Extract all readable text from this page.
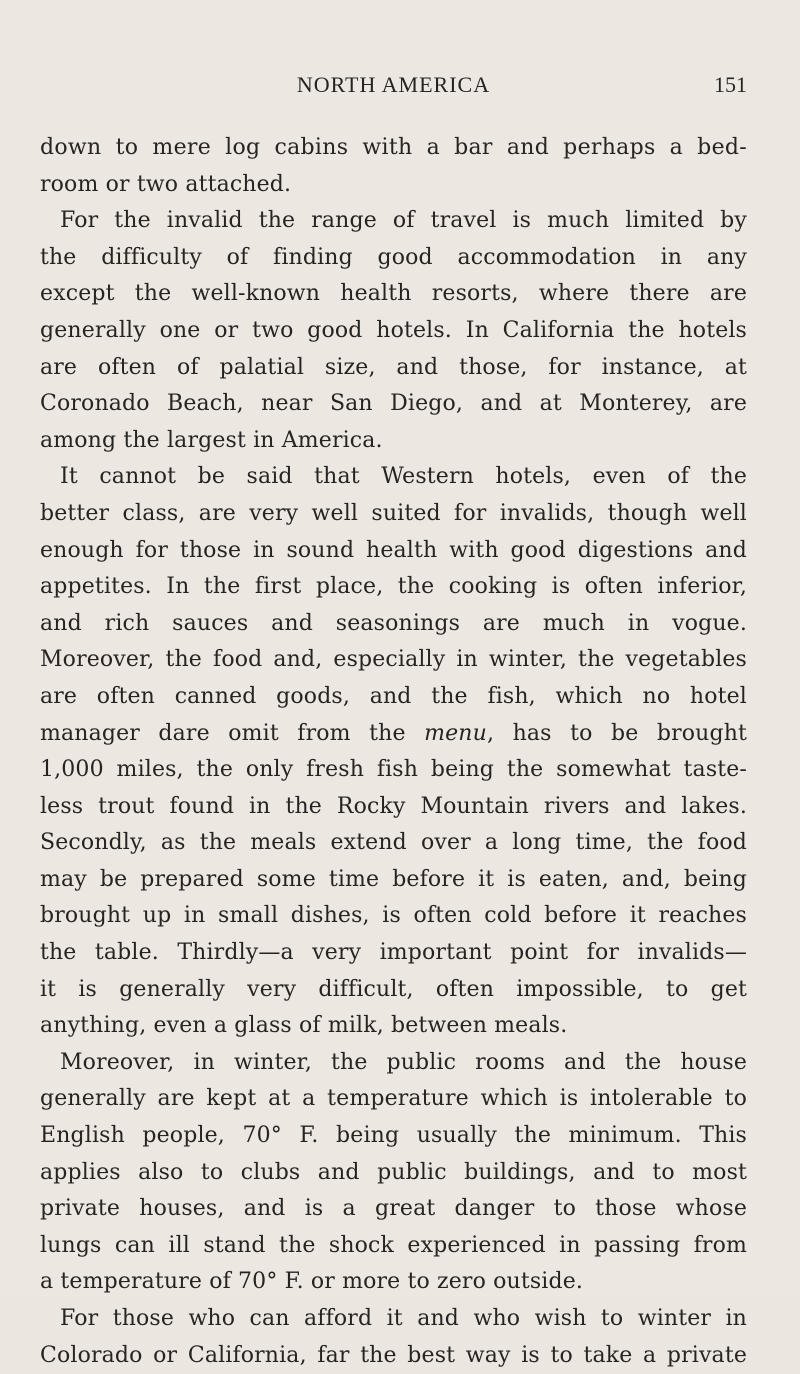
NORTH AMERICA	151
down to mere log cabins with a bar and perhaps a bed-
room or two attached.
For the invalid the range of travel is much limited by
the difficulty of finding good accommodation in any
except the well-known health resorts, where there are
generally one or two good hotels. In California the hotels
are often of palatial size, and those, for instance, at
Coronado Beach, near San Diego, and at Monterey, are
among the largest in America.
It cannot be said that Western hotels, even of the
better class, are very well suited for invalids, though well
enough for those in sound health with good digestions and
appetites. In the first place, the cooking is often inferior,
and rich sauces and seasonings are much in vogue.
Moreover, the food and, especially in winter, the vegetables
are often canned goods, and the fish, which no hotel
manager dare omit from the menu, has to be brought
1,000 miles, the only fresh fish being the somewhat taste-
less trout found in the Rocky Mountain rivers and lakes.
Secondly, as the meals extend over a long time, the food
may be prepared some time before it is eaten, and, being
brought up in small dishes, is often cold before it reaches
the table. Thirdly—a very important point for invalids—
it is generally very difficult, often impossible, to get
anything, even a glass of milk, between meals.
Moreover, in winter, the public rooms and the house
generally are kept at a temperature which is intolerable to
English people, 70° F. being usually the minimum. This
applies also to clubs and public buildings, and to most
private houses, and is a great danger to those whose
lungs can ill stand the shock experienced in passing from
a temperature of 70° F. or more to zero outside.
For those who can afford it and who wish to winter in
Colorado or California, far the best way is to take a private
